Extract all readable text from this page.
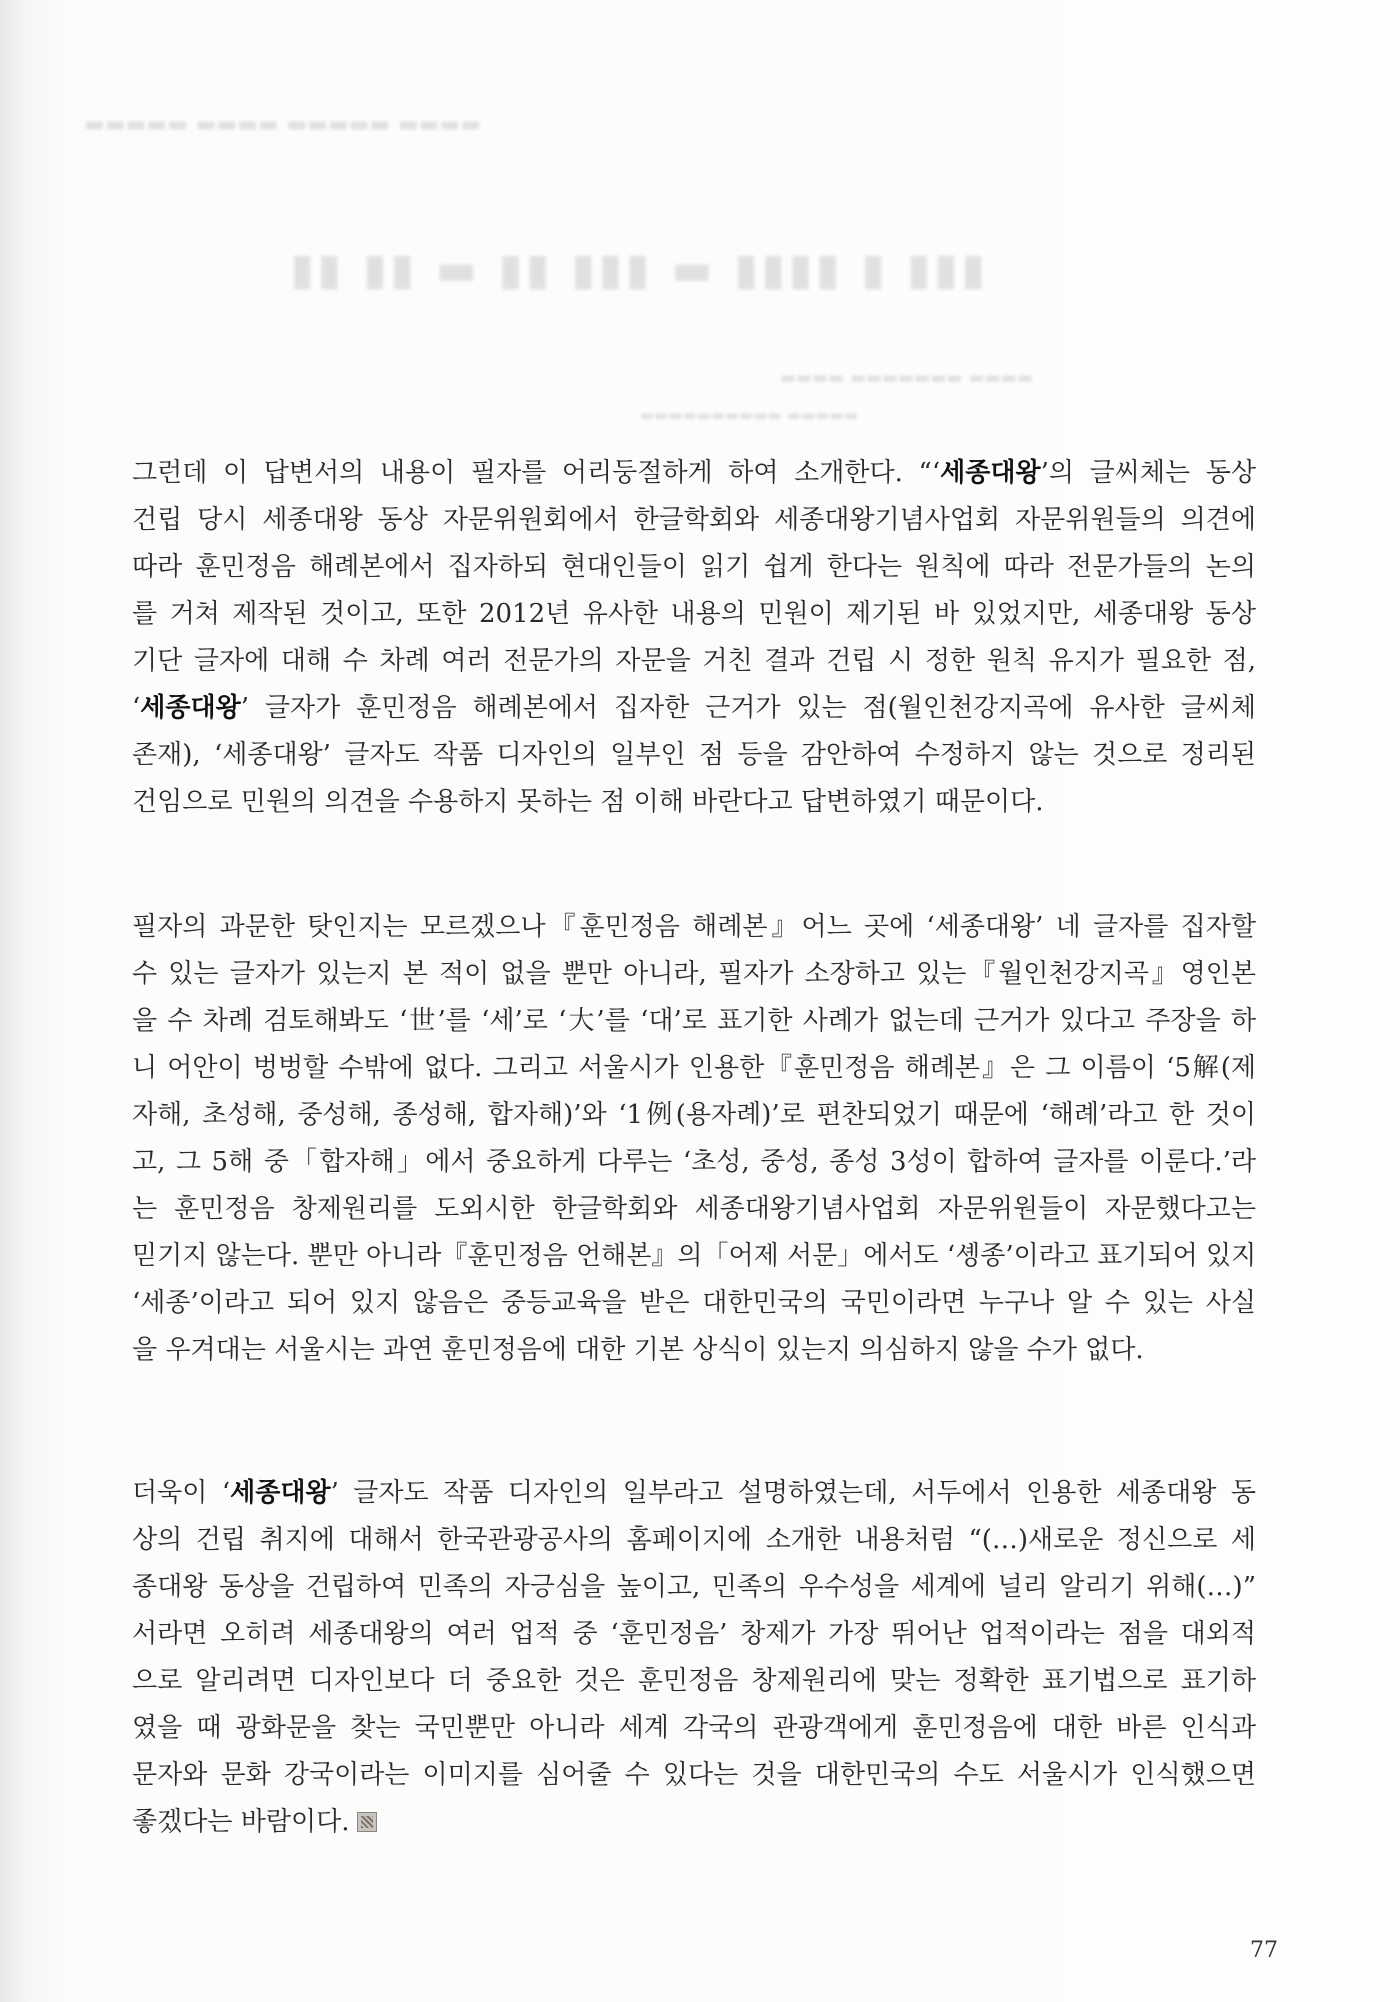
▬▬▬▬▬ ▬▬▬▬ ▬▬▬▬▬ ▬▬▬▬
▮▮ ▮▮ ▬ ▮▮ ▮▮▮ ▬ ▮▮▮▮ ▮ ▮▮▮
▬▬▬▬ ▬▬▬▬▬▬▬ ▬▬▬▬
▬▬▬▬▬▬▬▬▬▬ ▬▬▬▬▬

그런데 이 답변서의 내용이 필자를 어리둥절하게 하여 소개한다. “‘세종대왕’의 글씨체는 동상
건립 당시 세종대왕 동상 자문위원회에서 한글학회와 세종대왕기념사업회 자문위원들의 의견에
따라 훈민정음 해례본에서 집자하되 현대인들이 읽기 쉽게 한다는 원칙에 따라 전문가들의 논의
를 거쳐 제작된 것이고, 또한 2012년 유사한 내용의 민원이 제기된 바 있었지만, 세종대왕 동상
기단 글자에 대해 수 차례 여러 전문가의 자문을 거친 결과 건립 시 정한 원칙 유지가 필요한 점,
‘세종대왕’ 글자가 훈민정음 해례본에서 집자한 근거가 있는 점(월인천강지곡에 유사한 글씨체
존재), ‘세종대왕’ 글자도 작품 디자인의 일부인 점 등을 감안하여 수정하지 않는 것으로 정리된
건임으로 민원의 의견을 수용하지 못하는 점 이해 바란다고 답변하였기 때문이다.

필자의 과문한 탓인지는 모르겠으나『훈민정음 해례본』어느 곳에 ‘세종대왕’ 네 글자를 집자할
수 있는 글자가 있는지 본 적이 없을 뿐만 아니라, 필자가 소장하고 있는『월인천강지곡』영인본
을 수 차례 검토해봐도 ‘世’를 ‘세’로 ‘大’를 ‘대’로 표기한 사례가 없는데 근거가 있다고 주장을 하
니 어안이 벙벙할 수밖에 없다. 그리고 서울시가 인용한『훈민정음 해례본』은 그 이름이 ‘5解(제
자해, 초성해, 중성해, 종성해, 합자해)’와 ‘1例(용자례)’로 편찬되었기 때문에 ‘해례’라고 한 것이
고, 그 5해 중「합자해」에서 중요하게 다루는 ‘초성, 중성, 종성 3성이 합하여 글자를 이룬다.’라
는 훈민정음 창제원리를 도외시한 한글학회와 세종대왕기념사업회 자문위원들이 자문했다고는
믿기지 않는다. 뿐만 아니라『훈민정음 언해본』의「어제 서문」에서도 ‘솅종’이라고 표기되어 있지
‘세종’이라고 되어 있지 않음은 중등교육을 받은 대한민국의 국민이라면 누구나 알 수 있는 사실
을 우겨대는 서울시는 과연 훈민정음에 대한 기본 상식이 있는지 의심하지 않을 수가 없다.

더욱이 ‘세종대왕’ 글자도 작품 디자인의 일부라고 설명하였는데, 서두에서 인용한 세종대왕 동
상의 건립 취지에 대해서 한국관광공사의 홈페이지에 소개한 내용처럼 “(…)새로운 정신으로 세
종대왕 동상을 건립하여 민족의 자긍심을 높이고, 민족의 우수성을 세계에 널리 알리기 위해(…)”
서라면 오히려 세종대왕의 여러 업적 중 ‘훈민정음’ 창제가 가장 뛰어난 업적이라는 점을 대외적
으로 알리려면 디자인보다 더 중요한 것은 훈민정음 창제원리에 맞는 정확한 표기법으로 표기하
였을 때 광화문을 찾는 국민뿐만 아니라 세계 각국의 관광객에게 훈민정음에 대한 바른 인식과
문자와 문화 강국이라는 이미지를 심어줄 수 있다는 것을 대한민국의 수도 서울시가 인식했으면
좋겠다는 바람이다.

77
